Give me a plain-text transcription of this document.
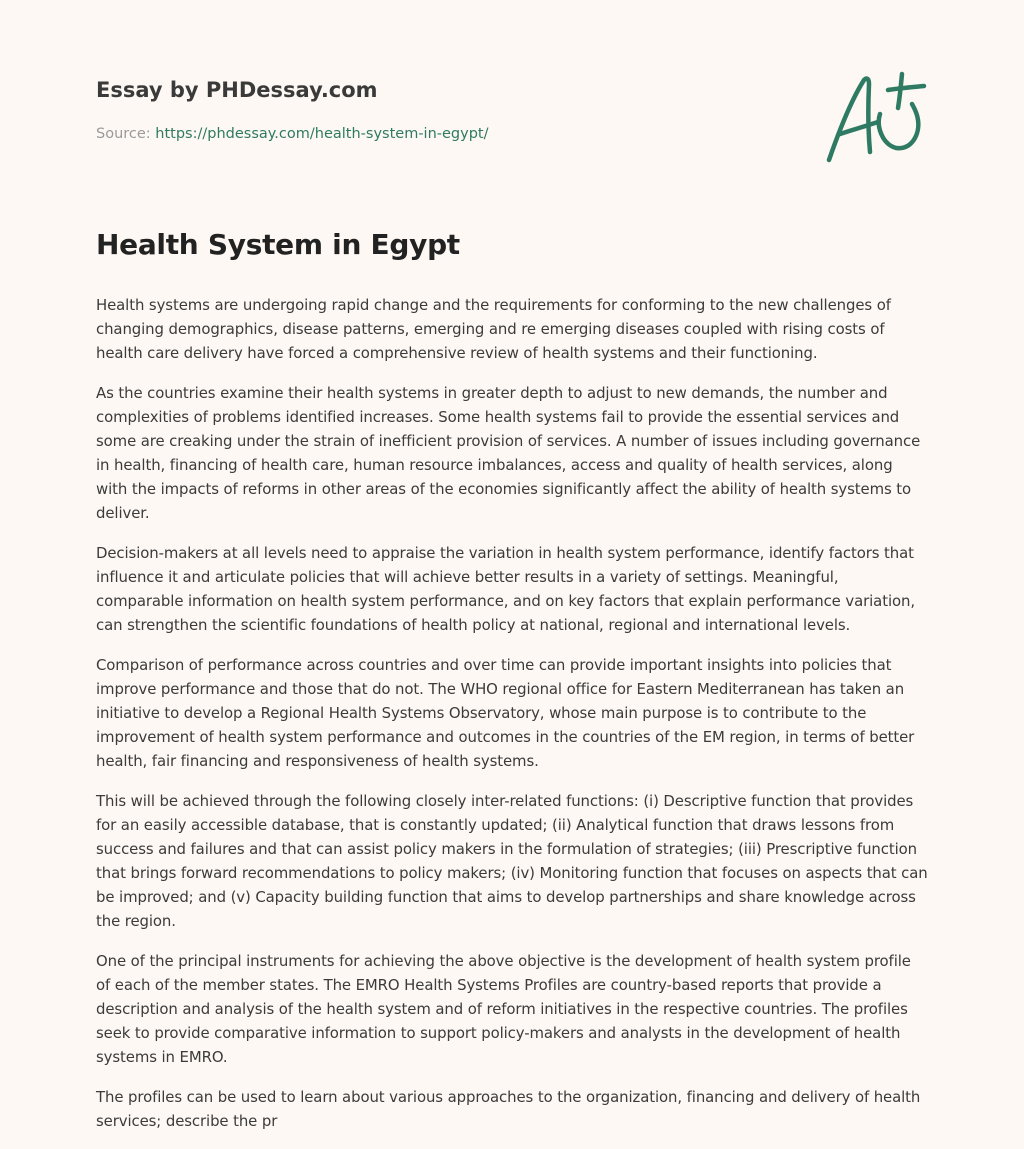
Essay by PHDessay.com
Source: https://phdessay.com/health-system-in-egypt/
Health System in Egypt

Health systems are undergoing rapid change and the requirements for conforming to the new challenges of changing demographics, disease patterns, emerging and re emerging diseases coupled with rising costs of health care delivery have forced a comprehensive review of health systems and their functioning.

As the countries examine their health systems in greater depth to adjust to new demands, the number and complexities of problems identified increases. Some health systems fail to provide the essential services and some are creaking under the strain of inefficient provision of services. A number of issues including governance in health, financing of health care, human resource imbalances, access and quality of health services, along with the impacts of reforms in other areas of the economies significantly affect the ability of health systems to deliver.

Decision-makers at all levels need to appraise the variation in health system performance, identify factors that influence it and articulate policies that will achieve better results in a variety of settings. Meaningful, comparable information on health system performance, and on key factors that explain performance variation, can strengthen the scientific foundations of health policy at national, regional and international levels.

Comparison of performance across countries and over time can provide important insights into policies that improve performance and those that do not. The WHO regional office for Eastern Mediterranean has taken an initiative to develop a Regional Health Systems Observatory, whose main purpose is to contribute to the improvement of health system performance and outcomes in the countries of the EM region, in terms of better health, fair financing and responsiveness of health systems.

This will be achieved through the following closely inter-related functions: (i) Descriptive function that provides for an easily accessible database, that is constantly updated; (ii) Analytical function that draws lessons from success and failures and that can assist policy makers in the formulation of strategies; (iii) Prescriptive function that brings forward recommendations to policy makers; (iv) Monitoring function that focuses on aspects that can be improved; and (v) Capacity building function that aims to develop partnerships and share knowledge across the region.

One of the principal instruments for achieving the above objective is the development of health system profile of each of the member states. The EMRO Health Systems Profiles are country-based reports that provide a description and analysis of the health system and of reform initiatives in the respective countries. The profiles seek to provide comparative information to support policy-makers and analysts in the development of health systems in EMRO.

The profiles can be used to learn about various approaches to the organization, financing and delivery of health services; describe the pr
